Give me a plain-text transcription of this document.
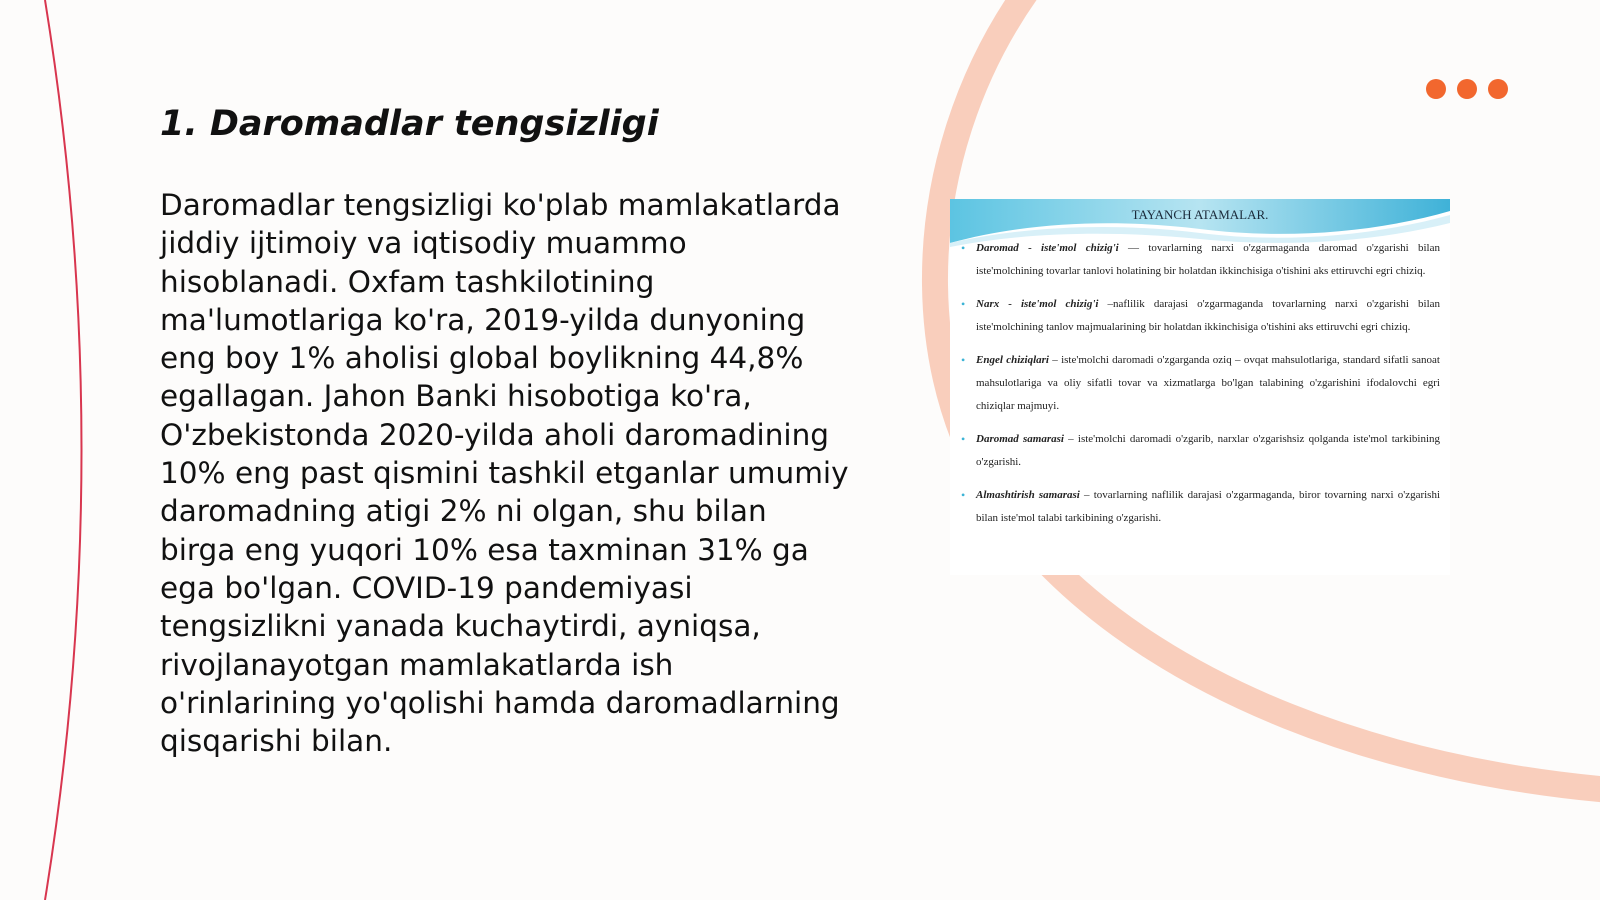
1. Daromadlar tengsizligi

Daromadlar tengsizligi ko'plab mamlakatlarda jiddiy ijtimoiy va iqtisodiy muammo hisoblanadi. Oxfam tashkilotining ma'lumotlariga ko'ra, 2019-yilda dunyoning eng boy 1% aholisi global boylikning 44,8% egallagan. Jahon Banki hisobotiga ko'ra, O'zbekistonda 2020-yilda aholi daromadining 10% eng past qismini tashkil etganlar umumiy daromadning atigi 2% ni olgan, shu bilan birga eng yuqori 10% esa taxminan 31% ga ega bo'lgan. COVID-19 pandemiyasi tengsizlikni yanada kuchaytirdi, ayniqsa, rivojlanayotgan mamlakatlarda ish o'rinlarining yo'qolishi hamda daromadlarning qisqarishi bilan.

TAYANCH ATAMALAR.
• Daromad - iste'mol chizig'i — tovarlarning narxi o'zgarmaganda daromad o'zgarishi bilan iste'molchining tovarlar tanlovi holatining bir holatdan ikkinchisiga o'tishini aks ettiruvchi egri chiziq.
• Narx - iste'mol chizig'i –naflilik darajasi o'zgarmaganda tovarlarning narxi o'zgarishi bilan iste'molchining tanlov majmualarining bir holatdan ikkinchisiga o'tishini aks ettiruvchi egri chiziq.
• Engel chiziqlari – iste'molchi daromadi o'zgarganda oziq – ovqat mahsulotlariga, standard sifatli sanoat mahsulotlariga va oliy sifatli tovar va xizmatlarga bo'lgan talabining o'zgarishini ifodalovchi egri chiziqlar majmuyi.
• Daromad samarasi – iste'molchi daromadi o'zgarib, narxlar o'zgarishsiz qolganda iste'mol tarkibining o'zgarishi.
• Almashtirish samarasi – tovarlarning naflilik darajasi o'zgarmaganda, biror tovarning narxi o'zgarishi bilan iste'mol talabi tarkibining o'zgarishi.
